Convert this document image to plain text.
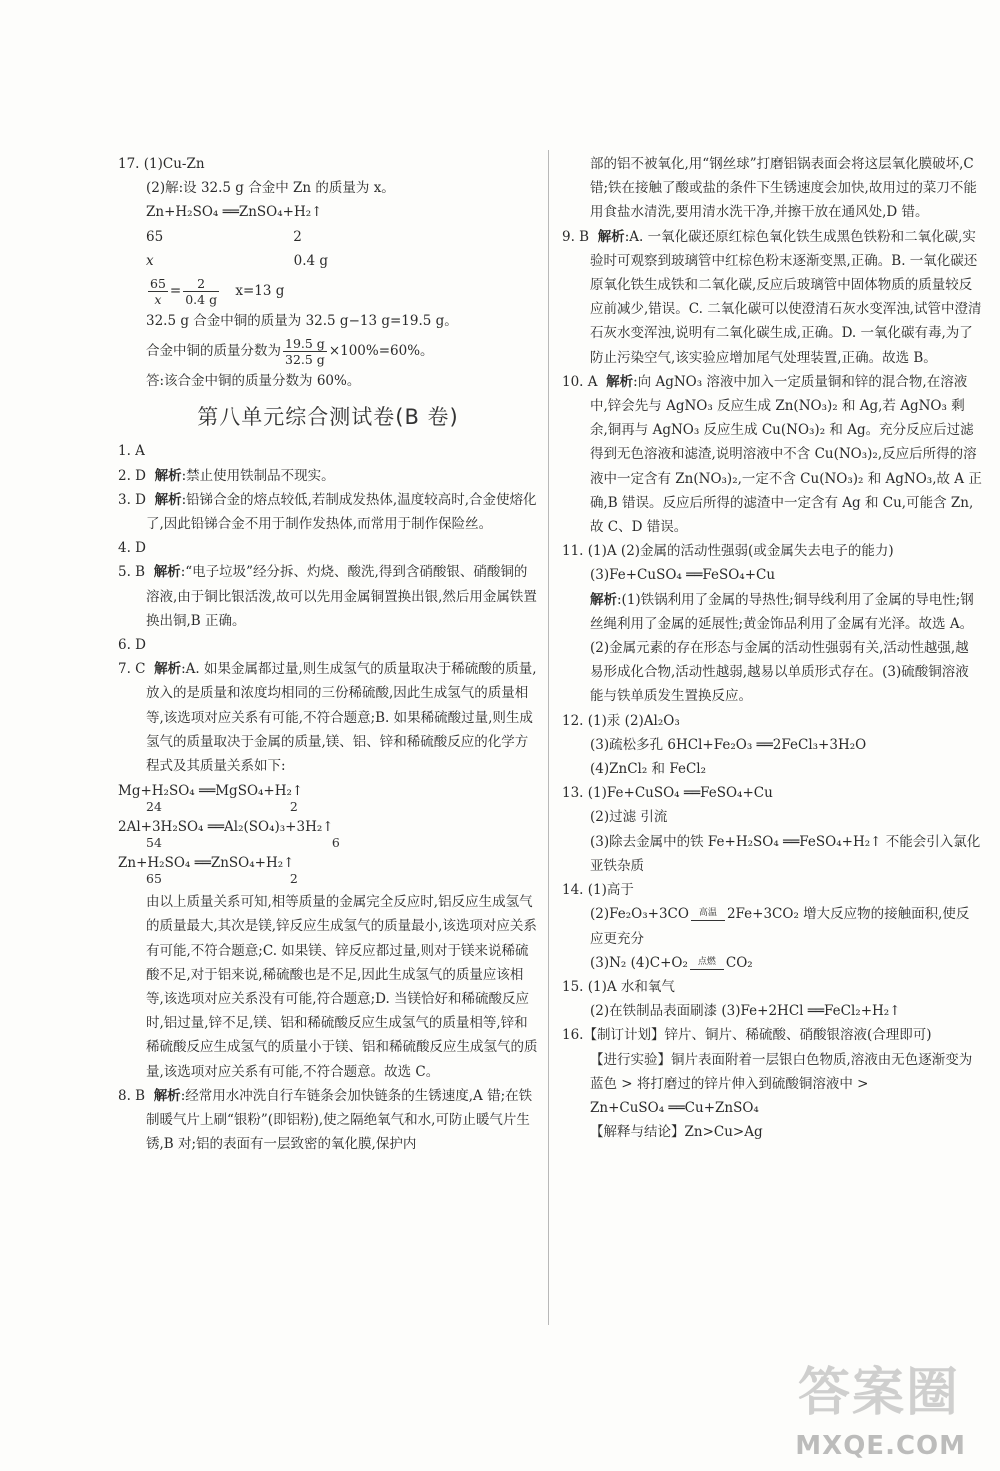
17. (1)Cu-Zn

(2)解:设 32.5 g 合金中 Zn 的质量为 x。

Zn+H₂SO₄ ══ZnSO₄+H₂↑

65	2

x	0.4 g

$\frac{65}{x} = \frac{2}{0.4 g} x=13$ g

32.5 g 合金中铜的质量为 32.5 g−13 g=19.5 g。

合金中铜的质量分数为 $\frac{19.5 g}{32.5 g} \times 100\%=60\%$。

答:该合金中铜的质量分数为 60%。

第八单元综合测试卷(B 卷)

1. A

2. D 解析:禁止使用铁制品不现实。

3. D 解析:铅锑合金的熔点较低,若制成发热体,温度较高时,合金使熔化了,因此铅锑合金不用于制作发热体,而常用于制作保险丝。

4. D

5. B 解析:“电子垃圾”经分拆、灼烧、酸洗,得到含硝酸银、硝酸铜的溶液,由于铜比银活泼,故可以先用金属铜置换出银,然后用金属铁置换出铜,B 正确。

6. D

7. C 解析:A. 如果金属都过量,则生成氢气的质量取决于稀硫酸的质量,放入的是质量和浓度均相同的三份稀硫酸,因此生成氢气的质量相等,该选项对应关系有可能,不符合题意;B. 如果稀硫酸过量,则生成氢气的质量取决于金属的质量,镁、铝、锌和稀硫酸反应的化学方程式及其质量关系如下:

Mg+H₂SO₄ ══MgSO₄+H₂↑

24	2

2Al+3H₂SO₄ ══Al₂(SO₄)₃+3H₂↑

54	6

Zn+H₂SO₄ ══ZnSO₄+H₂↑

65	2

由以上质量关系可知,相等质量的金属完全反应时,铝反应生成氢气的质量最大,其次是镁,锌反应生成氢气的质量最小,该选项对应关系有可能,不符合题意;C. 如果镁、锌反应都过量,则对于镁来说稀硫酸不足,对于铝来说,稀硫酸也是不足,因此生成氢气的质量应该相等,该选项对应关系没有可能,符合题意;D. 当镁恰好和稀硫酸反应时,铝过量,锌不足,镁、铝和稀硫酸反应生成氢气的质量相等,锌和稀硫酸反应生成氢气的质量小于镁、铝和稀硫酸反应生成氢气的质量,该选项对应关系有可能,不符合题意。故选 C。

8. B 解析:经常用水冲洗自行车链条会加快链条的生锈速度,A 错;在铁制暖气片上刷“银粉”(即铝粉),使之隔绝氧气和水,可防止暖气片生锈,B 对;铝的表面有一层致密的氧化膜,保护内

部的铝不被氧化,用“钢丝球”打磨铝锅表面会将这层氧化膜破坏,C 错;铁在接触了酸或盐的条件下生锈速度会加快,故用过的菜刀不能用食盐水清洗,要用清水洗干净,并擦干放在通风处,D 错。

9. B 解析:A. 一氧化碳还原红棕色氧化铁生成黑色铁粉和二氧化碳,实验时可观察到玻璃管中红棕色粉末逐渐变黑,正确。B. 一氧化碳还原氧化铁生成铁和二氧化碳,反应后玻璃管中固体物质的质量较反应前减少,错误。C. 二氧化碳可以使澄清石灰水变浑浊,试管中澄清石灰水变浑浊,说明有二氧化碳生成,正确。D. 一氧化碳有毒,为了防止污染空气,该实验应增加尾气处理装置,正确。故选 B。

10. A 解析:向 AgNO₃ 溶液中加入一定质量铜和锌的混合物,在溶液中,锌会先与 AgNO₃ 反应生成 Zn(NO₃)₂ 和 Ag,若 AgNO₃ 剩余,铜再与 AgNO₃ 反应生成 Cu(NO₃)₂ 和 Ag。充分反应后过滤得到无色溶液和滤渣,说明溶液中不含 Cu(NO₃)₂,反应后所得的溶液中一定含有 Zn(NO₃)₂,一定不含 Cu(NO₃)₂ 和 AgNO₃,故 A 正确,B 错误。反应后所得的滤渣中一定含有 Ag 和 Cu,可能含 Zn,故 C、D 错误。

11. (1)A (2)金属的活动性强弱(或金属失去电子的能力)

(3)Fe+CuSO₄ ══FeSO₄+Cu

解析:(1)铁锅利用了金属的导热性;铜导线利用了金属的导电性;钢丝绳利用了金属的延展性;黄金饰品利用了金属有光泽。故选 A。(2)金属元素的存在形态与金属的活动性强弱有关,活动性越强,越易形成化合物,活动性越弱,越易以单质形式存在。(3)硫酸铜溶液能与铁单质发生置换反应。

12. (1)汞 (2)Al₂O₃

(3)疏松多孔 6HCl+Fe₂O₃ ══2FeCl₃+3H₂O

(4)ZnCl₂ 和 FeCl₂

13. (1)Fe+CuSO₄ ══FeSO₄+Cu

(2)过滤 引流

(3)除去金属中的铁 Fe+H₂SO₄ ══FeSO₄+H₂↑ 不能会引入氯化亚铁杂质

14. (1)高于

(2)Fe₂O₃+3CO	高温 2Fe+3CO₂ 增大反应物的接触面积,使反应更充分

(3)N₂ (4)C+O₂	点燃 CO₂

15. (1)A 水和氧气

(2)在铁制品表面刷漆 (3)Fe+2HCl ══FeCl₂+H₂↑

16.【制订计划】锌片、铜片、稀硫酸、硝酸银溶液(合理即可)

【进行实验】铜片表面附着一层银白色物质,溶液由无色逐渐变为蓝色 > 将打磨过的锌片伸入到硫酸铜溶液中 >

Zn+CuSO₄ ══Cu+ZnSO₄

【解释与结论】Zn>Cu>Ag

答案圈
MXQE.COM
